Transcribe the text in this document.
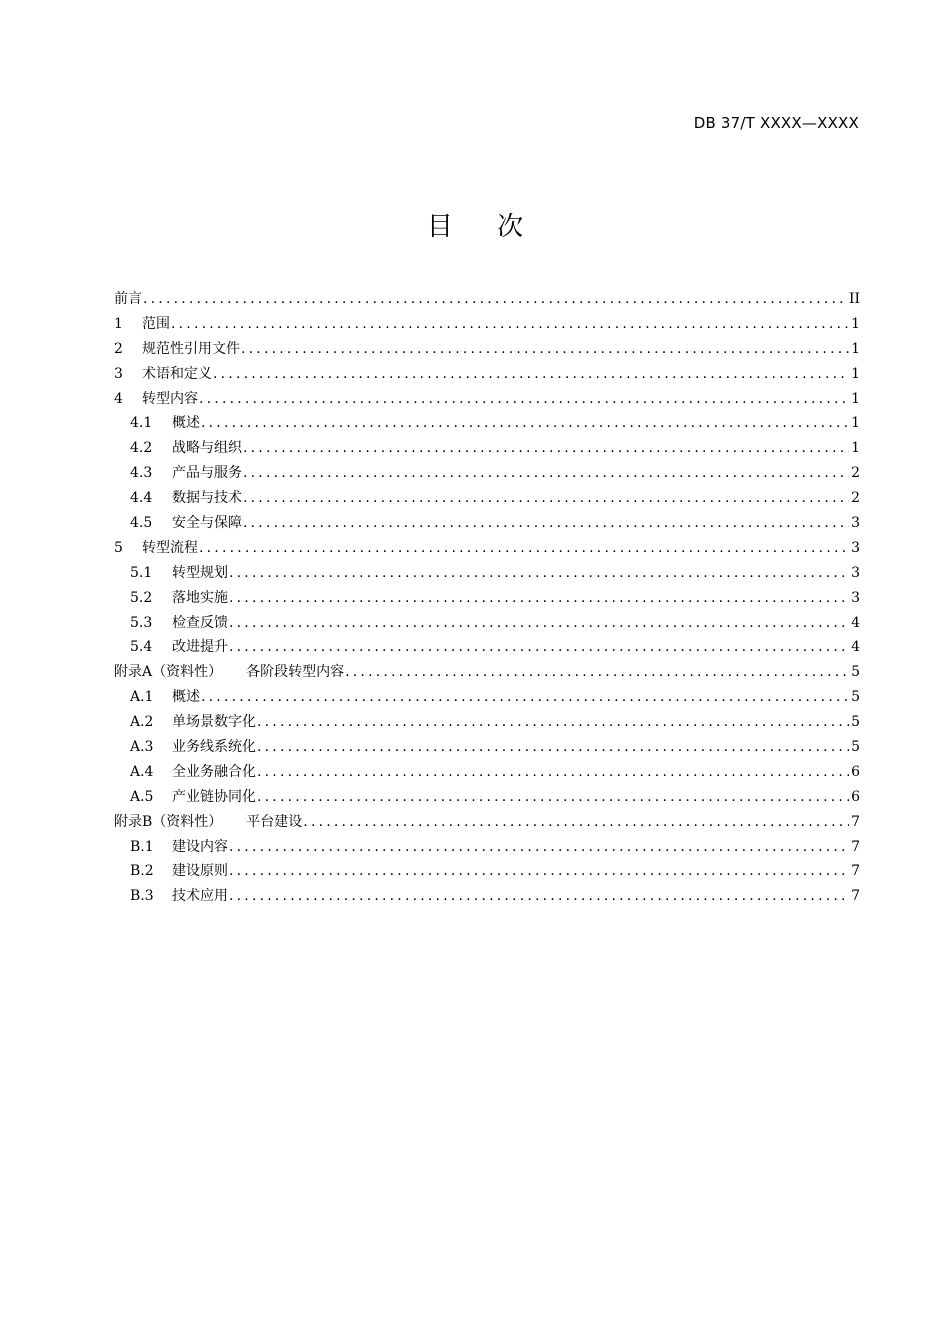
DB 37/T XXXX—XXXX
目 次
前言 .....	II
1	范围 .....	1
2	规范性引用文件 .....	1
3	术语和定义 .....	1
4	转型内容 .....	1
4.1	概述 .....	1
4.2	战略与组织 .....	1
4.3	产品与服务 .....	2
4.4	数据与技术 .....	2
4.5	安全与保障 .....	3
5	转型流程 .....	3
5.1	转型规划 .....	3
5.2	落地实施 .....	3
5.3	检查反馈 .....	4
5.4	改进提升 .....	4
附录A（资料性） 各阶段转型内容 .....	5
A.1	概述 .....	5
A.2	单场景数字化 .....	5
A.3	业务线系统化 .....	5
A.4	全业务融合化 .....	6
A.5	产业链协同化 .....	6
附录B（资料性） 平台建设 .....	7
B.1	建设内容 .....	7
B.2	建设原则 .....	7
B.3	技术应用 .....	7
